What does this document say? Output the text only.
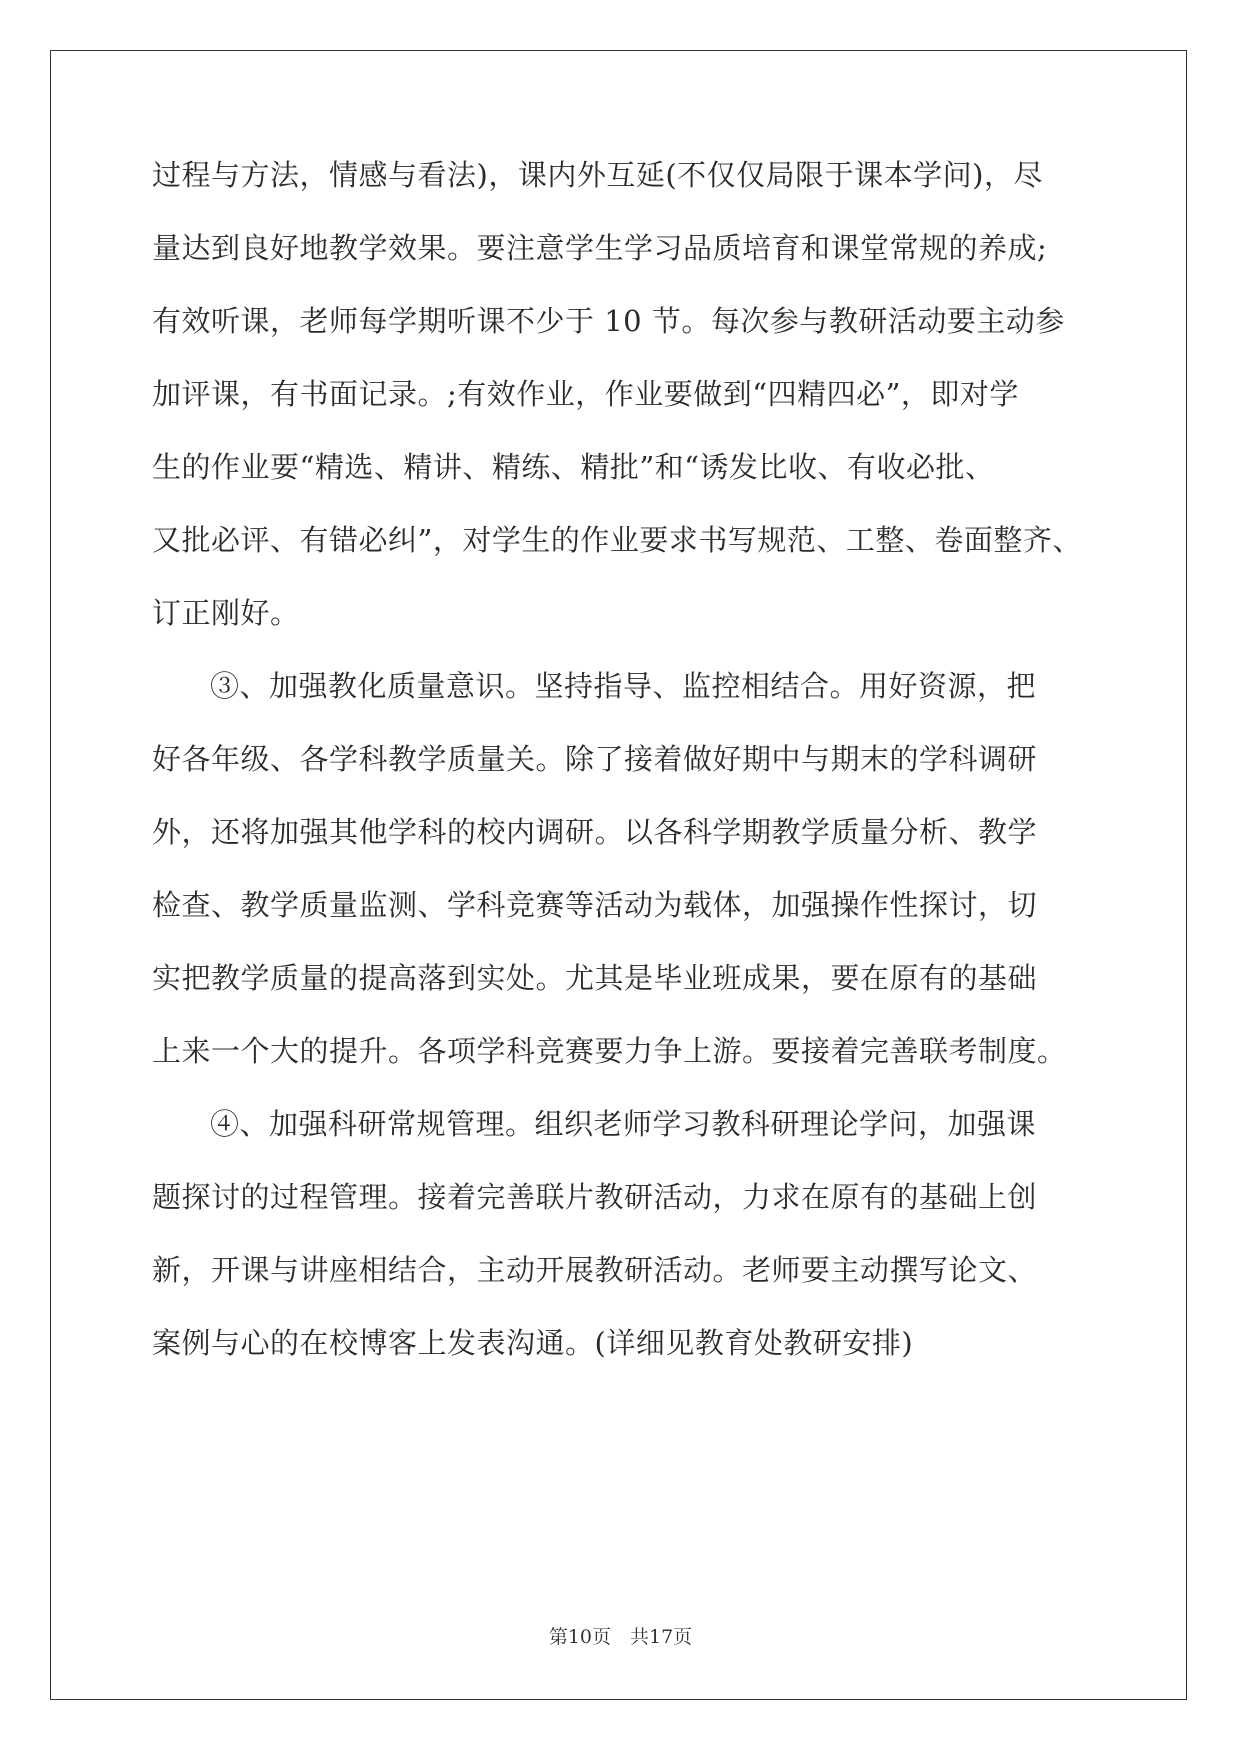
过程与方法，情感与看法)，课内外互延(不仅仅局限于课本学问)，尽
量达到良好地教学效果。要注意学生学习品质培育和课堂常规的养成;
有效听课，老师每学期听课不少于 10 节。每次参与教研活动要主动参
加评课，有书面记录。;有效作业，作业要做到“四精四必”，即对学
生的作业要“精选、精讲、精练、精批”和“诱发比收、有收必批、
又批必评、有错必纠”，对学生的作业要求书写规范、工整、卷面整齐、
订正刚好。
③、加强教化质量意识。坚持指导、监控相结合。用好资源，把
好各年级、各学科教学质量关。除了接着做好期中与期末的学科调研
外，还将加强其他学科的校内调研。以各科学期教学质量分析、教学
检查、教学质量监测、学科竞赛等活动为载体，加强操作性探讨，切
实把教学质量的提高落到实处。尤其是毕业班成果，要在原有的基础
上来一个大的提升。各项学科竞赛要力争上游。要接着完善联考制度。
④、加强科研常规管理。组织老师学习教科研理论学问，加强课
题探讨的过程管理。接着完善联片教研活动，力求在原有的基础上创
新，开课与讲座相结合，主动开展教研活动。老师要主动撰写论文、
案例与心的在校博客上发表沟通。(详细见教育处教研安排)
第10页　共17页
